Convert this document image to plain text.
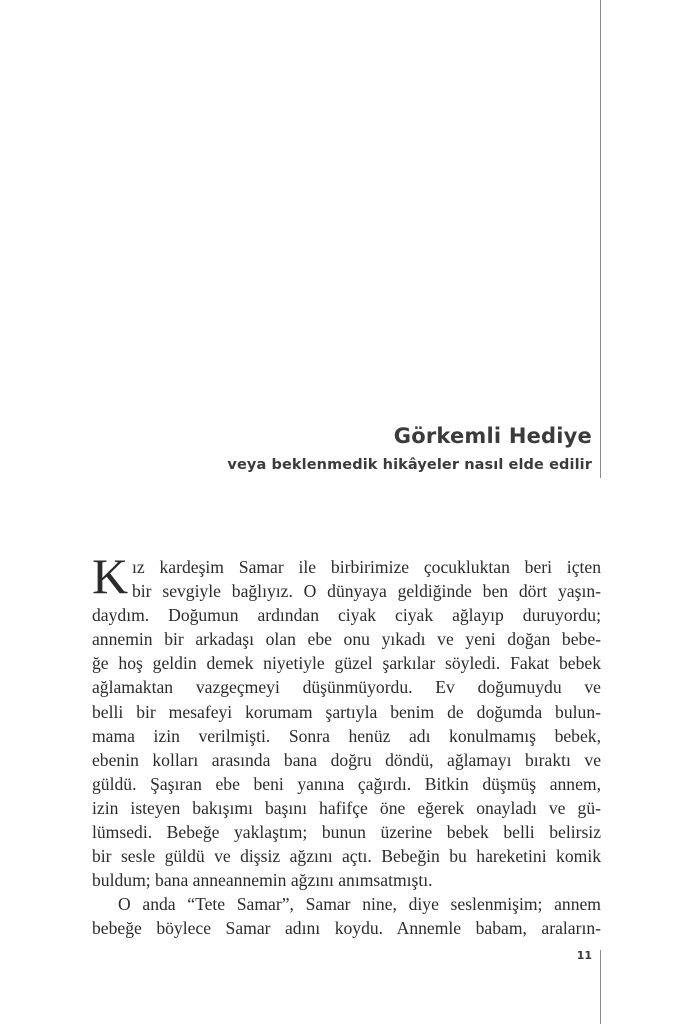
Görkemli Hediye
veya beklenmedik hikâyeler nasıl elde edilir
K ız kardeşim Samar ile birbirimize çocukluktan beri içten

bir sevgiyle bağlıyız. O dünyaya geldiğinde ben dört yaşın-

daydım. Doğumun ardından ciyak ciyak ağlayıp duruyordu;

annemin bir arkadaşı olan ebe onu yıkadı ve yeni doğan bebe-

ğe hoş geldin demek niyetiyle güzel şarkılar söyledi. Fakat bebek

ağlamaktan vazgeçmeyi düşünmüyordu. Ev doğumuydu ve

belli bir mesafeyi korumam şartıyla benim de doğumda bulun-

mama izin verilmişti. Sonra henüz adı konulmamış bebek,

ebenin kolları arasında bana doğru döndü, ağlamayı bıraktı ve

güldü. Şaşıran ebe beni yanına çağırdı. Bitkin düşmüş annem,

izin isteyen bakışımı başını hafifçe öne eğerek onayladı ve gü-

lümsedi. Bebeğe yaklaştım; bunun üzerine bebek belli belirsiz

bir sesle güldü ve dişsiz ağzını açtı. Bebeğin bu hareketini komik

buldum; bana anneannemin ağzını anımsatmıştı.

O anda “Tete Samar”, Samar nine, diye seslenmişim; annem

bebeğe böylece Samar adını koydu. Annemle babam, araların-

11
